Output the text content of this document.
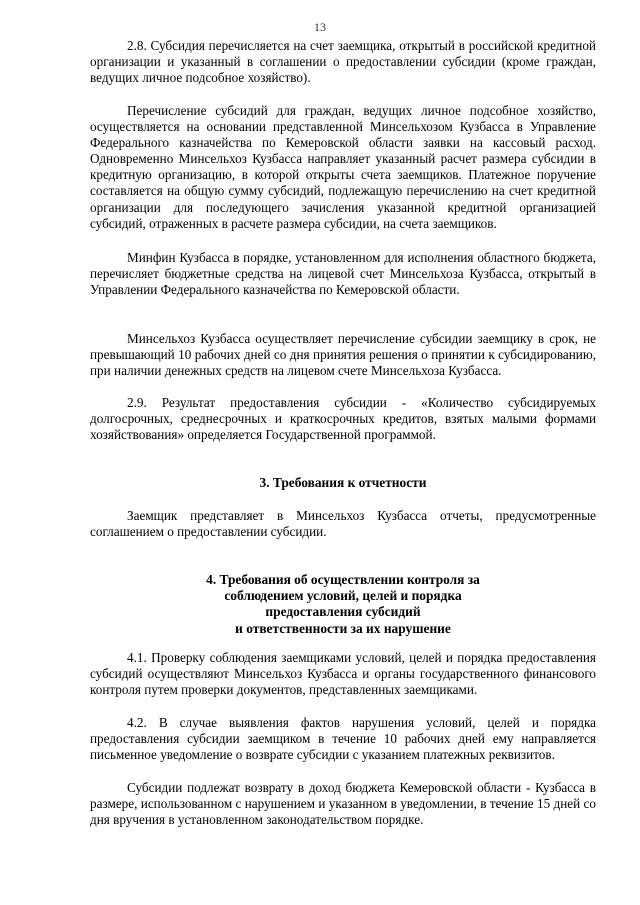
13

2.8. Субсидия перечисляется на счет заемщика, открытый в российской кредитной организации и указанный в соглашении о предоставлении субсидии (кроме граждан, ведущих личное подсобное хозяйство).

Перечисление субсидий для граждан, ведущих личное подсобное хозяйство, осуществляется на основании представленной Минсельхозом Кузбасса в Управление Федерального казначейства по Кемеровской области заявки на кассовый расход. Одновременно Минсельхоз Кузбасса направляет указанный расчет размера субсидии в кредитную организацию, в которой открыты счета заемщиков. Платежное поручение составляется на общую сумму субсидий, подлежащую перечислению на счет кредитной организации для последующего зачисления указанной кредитной организацией субсидий, отраженных в расчете размера субсидии, на счета заемщиков.

Минфин Кузбасса в порядке, установленном для исполнения областного бюджета, перечисляет бюджетные средства на лицевой счет Минсельхоза Кузбасса, открытый в Управлении Федерального казначейства по Кемеровской области.

Минсельхоз Кузбасса осуществляет перечисление субсидии заемщику в срок, не превышающий 10 рабочих дней со дня принятия решения о принятии к субсидированию, при наличии денежных средств на лицевом счете Минсельхоза Кузбасса.

2.9. Результат предоставления субсидии - «Количество субсидируемых долгосрочных, среднесрочных и краткосрочных кредитов, взятых малыми формами хозяйствования» определяется Государственной программой.

3. Требования к отчетности

Заемщик представляет в Минсельхоз Кузбасса отчеты, предусмотренные соглашением о предоставлении субсидии.

4. Требования об осуществлении контроля за
соблюдением условий, целей и порядка
предоставления субсидий
и ответственности за их нарушение

4.1. Проверку соблюдения заемщиками условий, целей и порядка предоставления субсидий осуществляют Минсельхоз Кузбасса и органы государственного финансового контроля путем проверки документов, представленных заемщиками.

4.2. В случае выявления фактов нарушения условий, целей и порядка предоставления субсидии заемщиком в течение 10 рабочих дней ему направляется письменное уведомление о возврате субсидии с указанием платежных реквизитов.

Субсидии подлежат возврату в доход бюджета Кемеровской области - Кузбасса в размере, использованном с нарушением и указанном в уведомлении, в течение 15 дней со дня вручения в установленном законодательством порядке.
